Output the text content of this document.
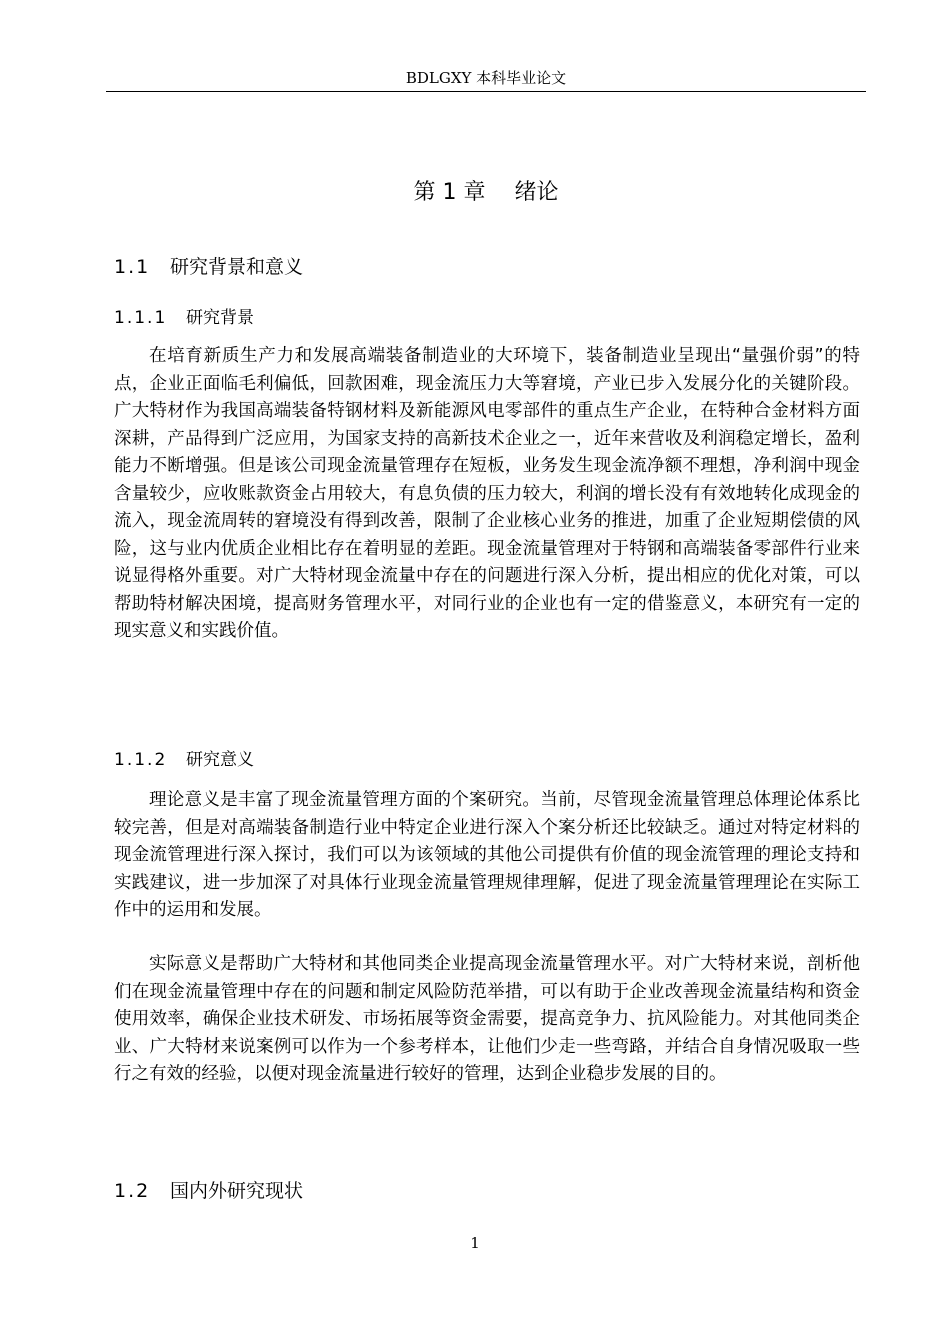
BDLGXY 本科毕业论文
第 1 章　 绪论
1.1 研究背景和意义
1.1.1 研究背景

在培育新质生产力和发展高端装备制造业的大环境下，装备制造业呈现出“量强价弱”的特点，企业正面临毛利偏低，回款困难，现金流压力大等窘境，产业已步入发展分化的关键阶段。广大特材作为我国高端装备特钢材料及新能源风电零部件的重点生产企业，在特种合金材料方面深耕，产品得到广泛应用，为国家支持的高新技术企业之一，近年来营收及利润稳定增长，盈利能力不断增强。但是该公司现金流量管理存在短板，业务发生现金流净额不理想，净利润中现金含量较少，应收账款资金占用较大，有息负债的压力较大，利润的增长没有有效地转化成现金的流入，现金流周转的窘境没有得到改善，限制了企业核心业务的推进，加重了企业短期偿债的风险，这与业内优质企业相比存在着明显的差距。现金流量管理对于特钢和高端装备零部件行业来说显得格外重要。对广大特材现金流量中存在的问题进行深入分析，提出相应的优化对策，可以帮助特材解决困境，提高财务管理水平，对同行业的企业也有一定的借鉴意义，本研究有一定的现实意义和实践价值。

1.1.2 研究意义

理论意义是丰富了现金流量管理方面的个案研究。当前，尽管现金流量管理总体理论体系比较完善，但是对高端装备制造行业中特定企业进行深入个案分析还比较缺乏。通过对特定材料的现金流管理进行深入探讨，我们可以为该领域的其他公司提供有价值的现金流管理的理论支持和实践建议，进一步加深了对具体行业现金流量管理规律理解，促进了现金流量管理理论在实际工作中的运用和发展。

实际意义是帮助广大特材和其他同类企业提高现金流量管理水平。对广大特材来说，剖析他们在现金流量管理中存在的问题和制定风险防范举措，可以有助于企业改善现金流量结构和资金使用效率，确保企业技术研发、市场拓展等资金需要，提高竞争力、抗风险能力。对其他同类企业、广大特材来说案例可以作为一个参考样本，让他们少走一些弯路，并结合自身情况吸取一些行之有效的经验，以便对现金流量进行较好的管理，达到企业稳步发展的目的。

1.2 国内外研究现状
1
